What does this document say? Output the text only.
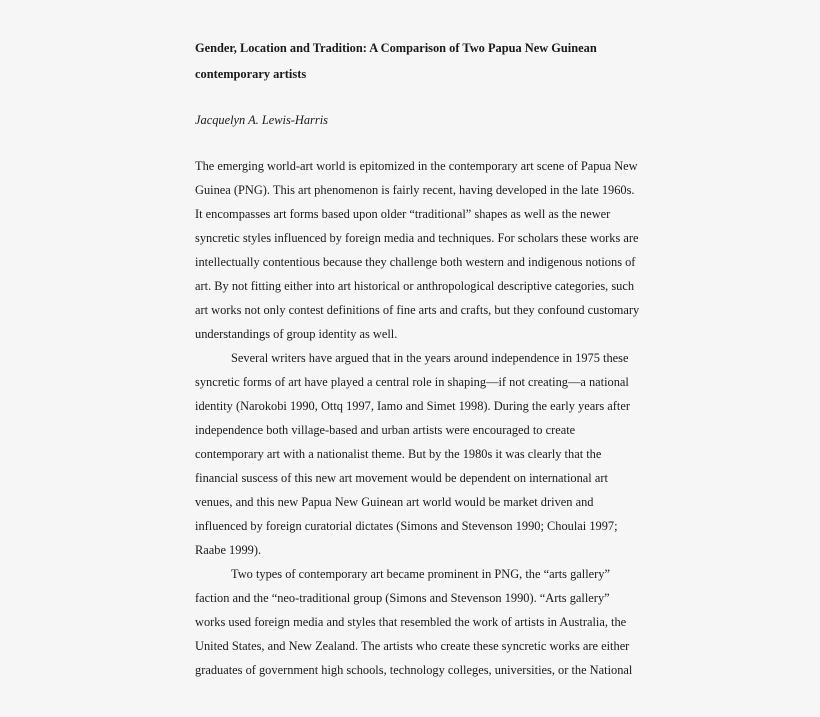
Gender, Location and Tradition: A Comparison of Two Papua New Guinean
contemporary artists
Jacquelyn A. Lewis-Harris
The emerging world-art world is epitomized in the contemporary art scene of Papua New
Guinea (PNG). This art phenomenon is fairly recent, having developed in the late 1960s.
It encompasses art forms based upon older “traditional” shapes as well as the newer
syncretic styles influenced by foreign media and techniques. For scholars these works are
intellectually contentious because they challenge both western and indigenous notions of
art. By not fitting either into art historical or anthropological descriptive categories, such
art works not only contest definitions of fine arts and crafts, but they confound customary
understandings of group identity as well.
Several writers have argued that in the years around independence in 1975 these
syncretic forms of art have played a central role in shaping—if not creating—a national
identity (Narokobi 1990, Ottq 1997, Iamo and Simet 1998). During the early years after
independence both village-based and urban artists were encouraged to create
contemporary art with a nationalist theme. But by the 1980s it was clearly that the
financial suscess of this new art movement would be dependent on international art
venues, and this new Papua New Guinean art world would be market driven and
influenced by foreign curatorial dictates (Simons and Stevenson 1990; Choulai 1997;
Raabe 1999).
Two types of contemporary art became prominent in PNG, the “arts gallery”
faction and the “neo-traditional group (Simons and Stevenson 1990). “Arts gallery”
works used foreign media and styles that resembled the work of artists in Australia, the
United States, and New Zealand. The artists who create these syncretic works are either
graduates of government high schools, technology colleges, universities, or the National
